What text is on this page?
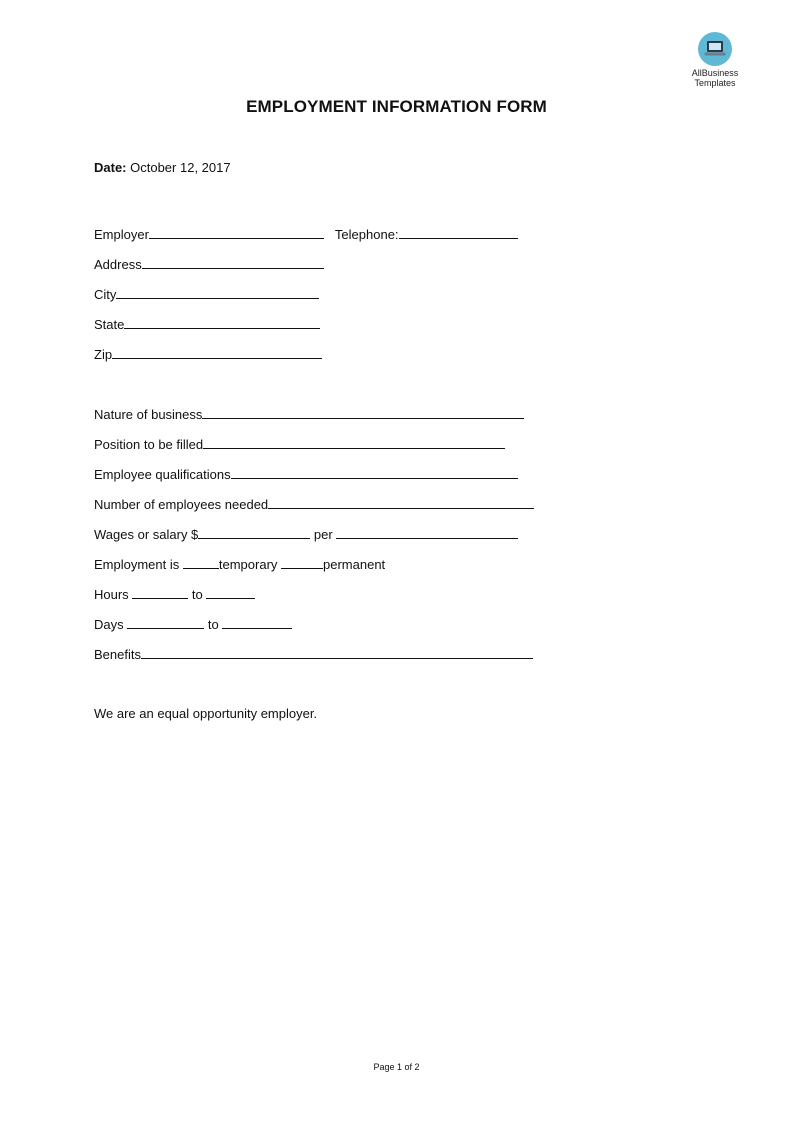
AllBusiness
Templates
EMPLOYMENT INFORMATION FORM
Date: October 12, 2017
Employer	Telephone:
Address
City
State
Zip
Nature of business
Position to be filled
Employee qualifications
Number of employees needed
Wages or salary $	per
Employment is	temporary	permanent
Hours	to
Days	to
Benefits
We are an equal opportunity employer.
Page 1 of 2
